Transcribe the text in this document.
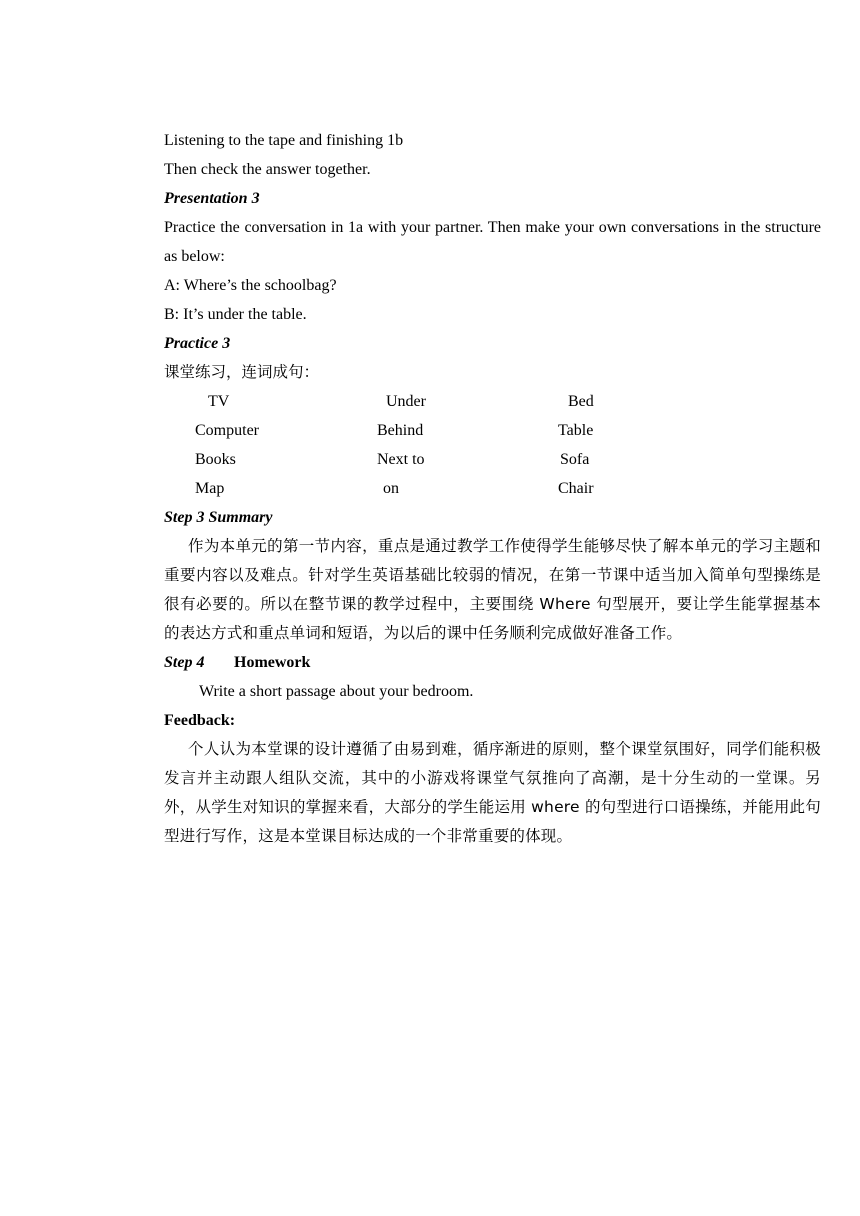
Listening to the tape and finishing 1b

Then check the answer together.

Presentation 3

Practice the conversation in 1a with your partner. Then make your own conversations in the structure as below:

A: Where’s the schoolbag?

B: It’s under the table.

Practice 3

课堂练习，连词成句：

TV	Under	Bed
Computer	Behind	Table
Books	Next to	Sofa
Map	on	Chair

Step 3 Summary

作为本单元的第一节内容，重点是通过教学工作使得学生能够尽快了解本单元的学习主题和重要内容以及难点。针对学生英语基础比较弱的情况，在第一节课中适当加入简单句型操练是很有必要的。所以在整节课的教学过程中，主要围绕 Where 句型展开，要让学生能掌握基本的表达方式和重点单词和短语，为以后的课中任务顺利完成做好准备工作。

Step 4 Homework

Write a short passage about your bedroom.

Feedback:

个人认为本堂课的设计遵循了由易到难，循序渐进的原则，整个课堂氛围好，同学们能积极发言并主动跟人组队交流，其中的小游戏将课堂气氛推向了高潮，是十分生动的一堂课。另外，从学生对知识的掌握来看，大部分的学生能运用 where 的句型进行口语操练，并能用此句型进行写作，这是本堂课目标达成的一个非常重要的体现。
